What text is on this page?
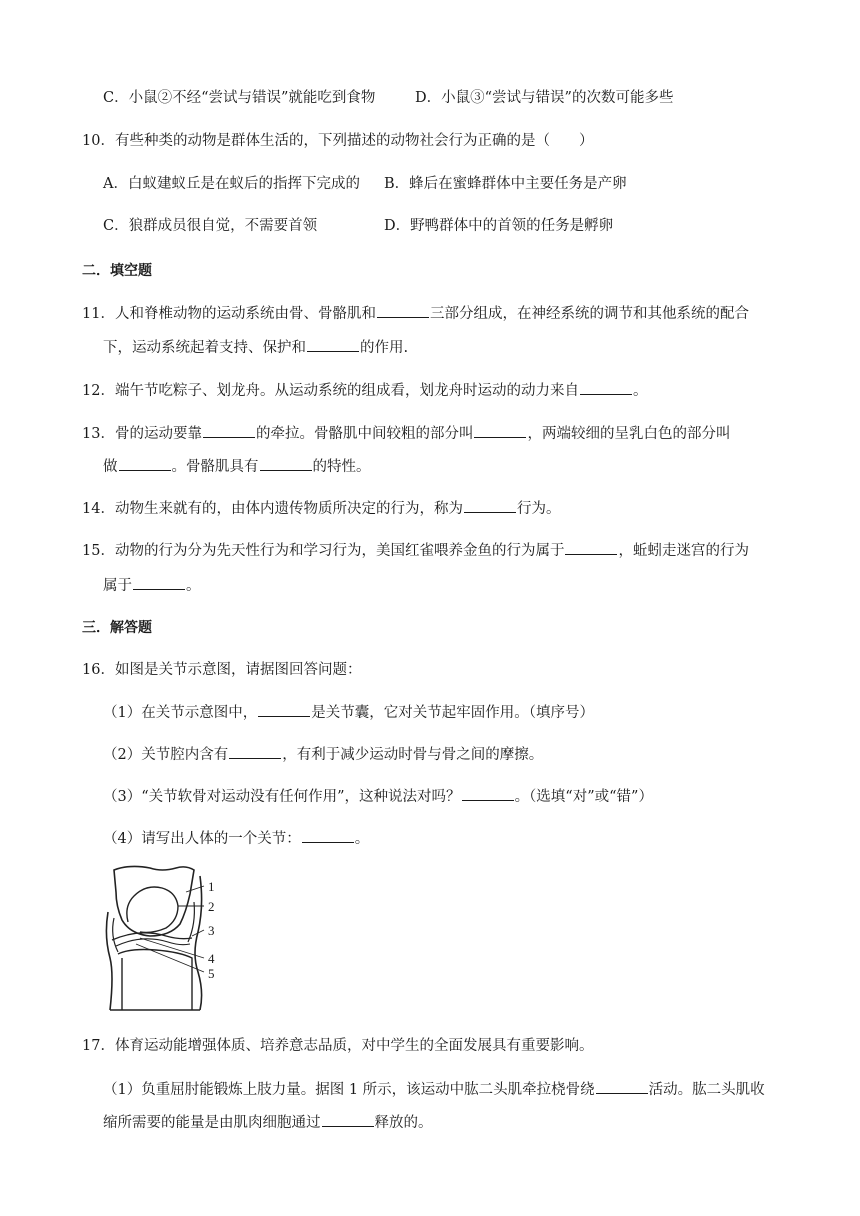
C．小鼠②不经“尝试与错误”就能吃到食物	D．小鼠③“尝试与错误”的次数可能多些
10．有些种类的动物是群体生活的，下列描述的动物社会行为正确的是（　　）
A．白蚁建蚁丘是在蚁后的指挥下完成的 B．蜂后在蜜蜂群体中主要任务是产卵
C．狼群成员很自觉，不需要首领	D．野鸭群体中的首领的任务是孵卵
二．填空题
11．人和脊椎动物的运动系统由骨、骨骼肌和	三部分组成，在神经系统的调节和其他系统的配合
下，运动系统起着支持、保护和	的作用.
12．端午节吃粽子、划龙舟。从运动系统的组成看，划龙舟时运动的动力来自	。
13．骨的运动要靠	的牵拉。骨骼肌中间较粗的部分叫	，两端较细的呈乳白色的部分叫
做	。骨骼肌具有	的特性。
14．动物生来就有的，由体内遗传物质所决定的行为，称为	行为。
15．动物的行为分为先天性行为和学习行为，美国红雀喂养金鱼的行为属于	，蚯蚓走迷宫的行为
属于	。
三．解答题
16．如图是关节示意图，请据图回答问题：
（1）在关节示意图中，	是关节囊，它对关节起牢固作用。（填序号）
（2）关节腔内含有	，有利于减少运动时骨与骨之间的摩擦。
（3）“关节软骨对运动没有任何作用”，这种说法对吗？	。（选填“对”或“错”）
（4）请写出人体的一个关节：	。
1
2
3
4
5
17．体育运动能增强体质、培养意志品质，对中学生的全面发展具有重要影响。
（1）负重屈肘能锻炼上肢力量。据图 1 所示，该运动中肱二头肌牵拉桡骨绕	活动。肱二头肌收
缩所需要的能量是由肌肉细胞通过	释放的。
